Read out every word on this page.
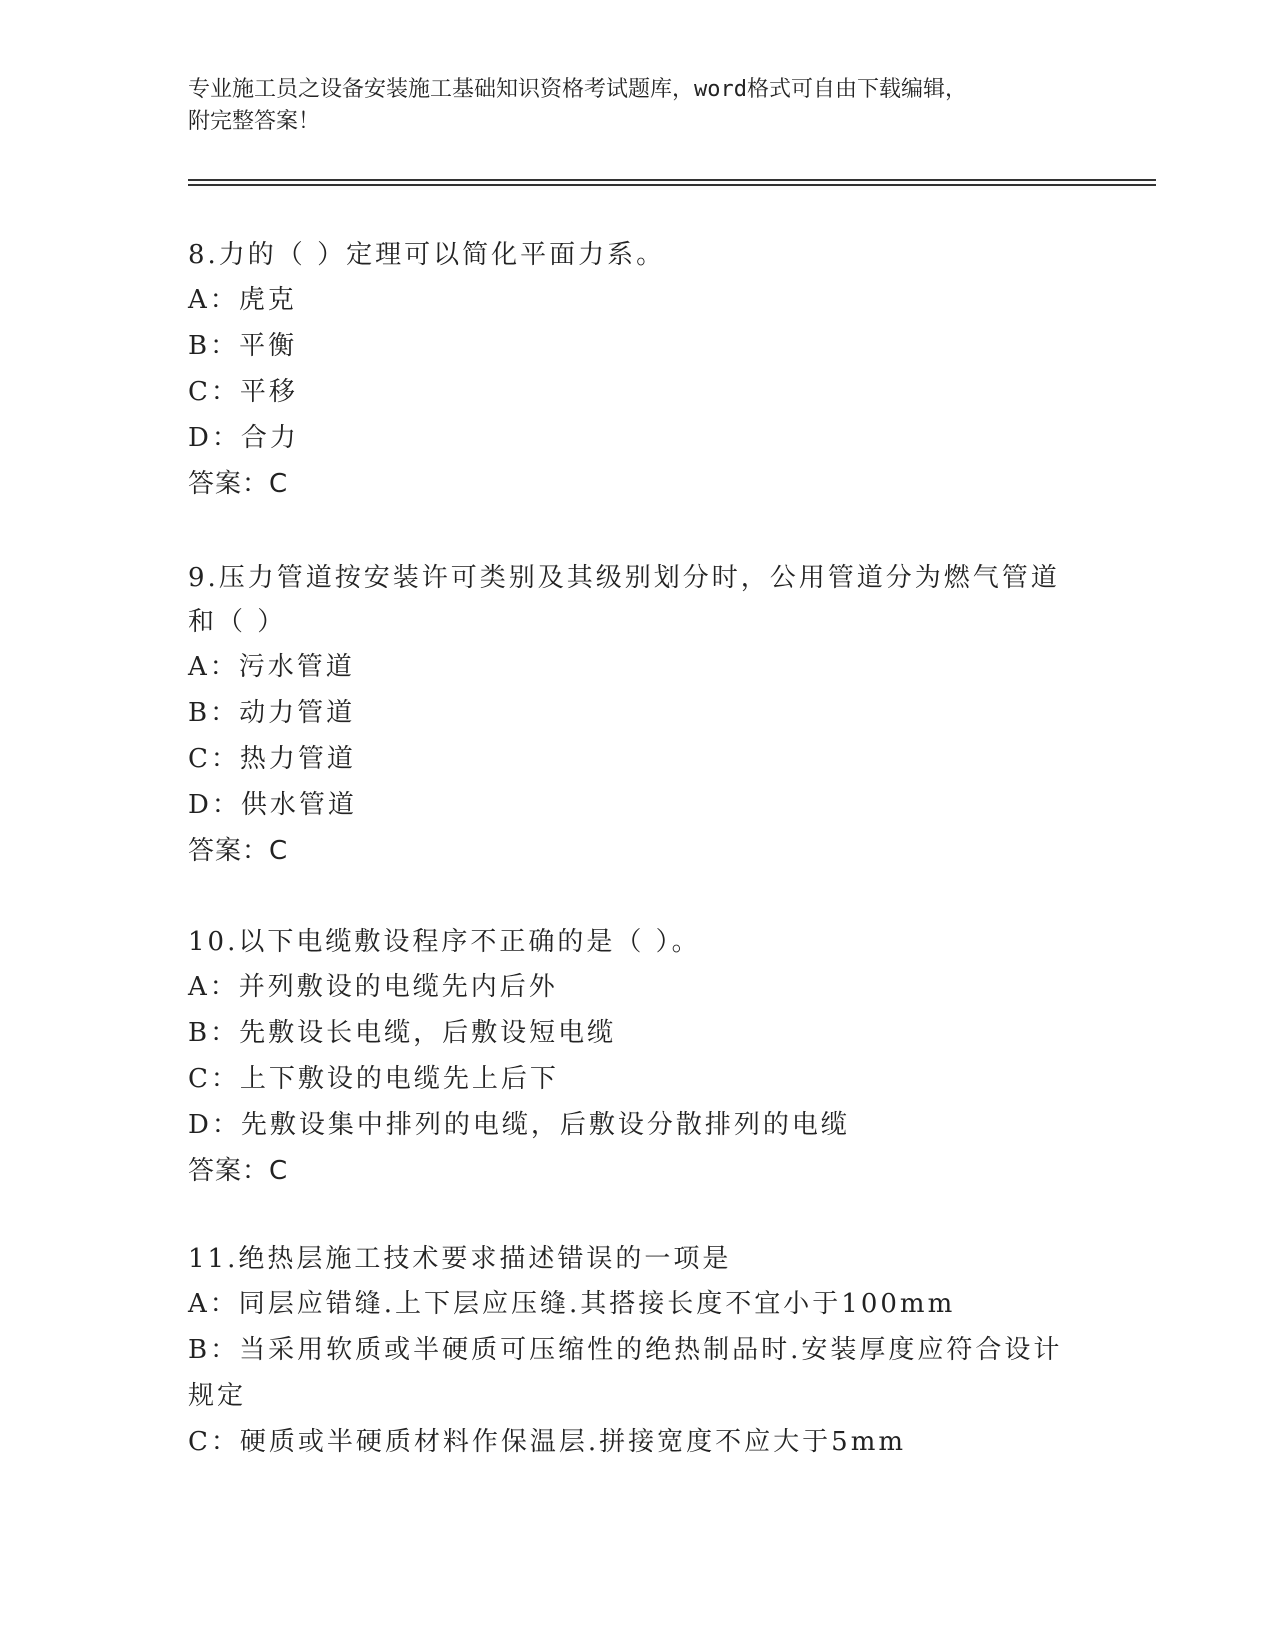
专业施工员之设备安装施工基础知识资格考试题库，word格式可自由下载编辑，
附完整答案！
8.力的（ ）定理可以简化平面力系。
A：虎克
B：平衡
C：平移
D：合力
答案：C
9.压力管道按安装许可类别及其级别划分时，公用管道分为燃气管道和（ ）
A：污水管道
B：动力管道
C：热力管道
D：供水管道
答案：C
10.以下电缆敷设程序不正确的是（ ）。
A：并列敷设的电缆先内后外
B：先敷设长电缆，后敷设短电缆
C：上下敷设的电缆先上后下
D：先敷设集中排列的电缆，后敷设分散排列的电缆
答案：C
11.绝热层施工技术要求描述错误的一项是
A：同层应错缝.上下层应压缝.其搭接长度不宜小于100mm
B：当采用软质或半硬质可压缩性的绝热制品时.安装厚度应符合设计规定
C：硬质或半硬质材料作保温层.拼接宽度不应大于5mm
